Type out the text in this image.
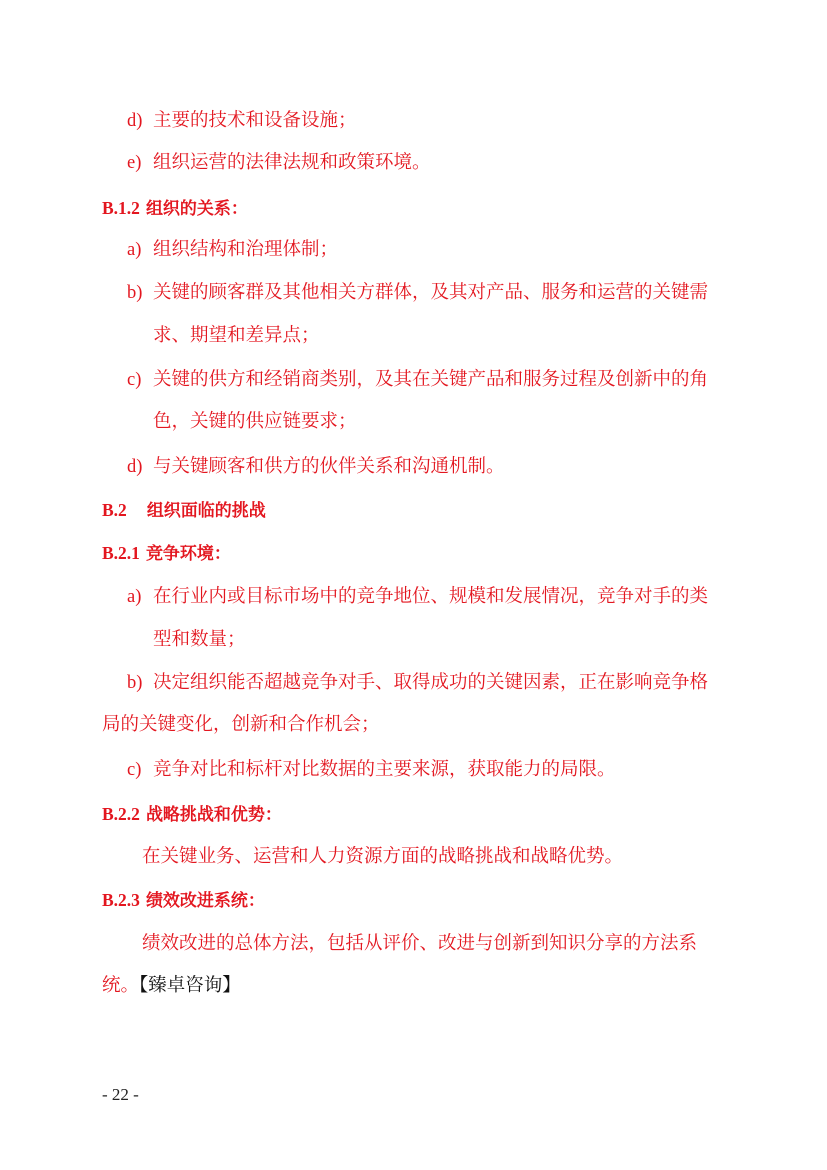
d) 主要的技术和设备设施；
e) 组织运营的法律法规和政策环境。
B.1.2 组织的关系：
a) 组织结构和治理体制；
b) 关键的顾客群及其他相关方群体，及其对产品、服务和运营的关键需
求、期望和差异点；
c) 关键的供方和经销商类别，及其在关键产品和服务过程及创新中的角
色，关键的供应链要求；
d) 与关键顾客和供方的伙伴关系和沟通机制。
B.2 组织面临的挑战
B.2.1 竞争环境：
a) 在行业内或目标市场中的竞争地位、规模和发展情况，竞争对手的类
型和数量；
b) 决定组织能否超越竞争对手、取得成功的关键因素，正在影响竞争格
局的关键变化，创新和合作机会；
c) 竞争对比和标杆对比数据的主要来源，获取能力的局限。
B.2.2 战略挑战和优势：
在关键业务、运营和人力资源方面的战略挑战和战略优势。
B.2.3 绩效改进系统：
绩效改进的总体方法，包括从评价、改进与创新到知识分享的方法系
统。【臻卓咨询】
- 22 -
